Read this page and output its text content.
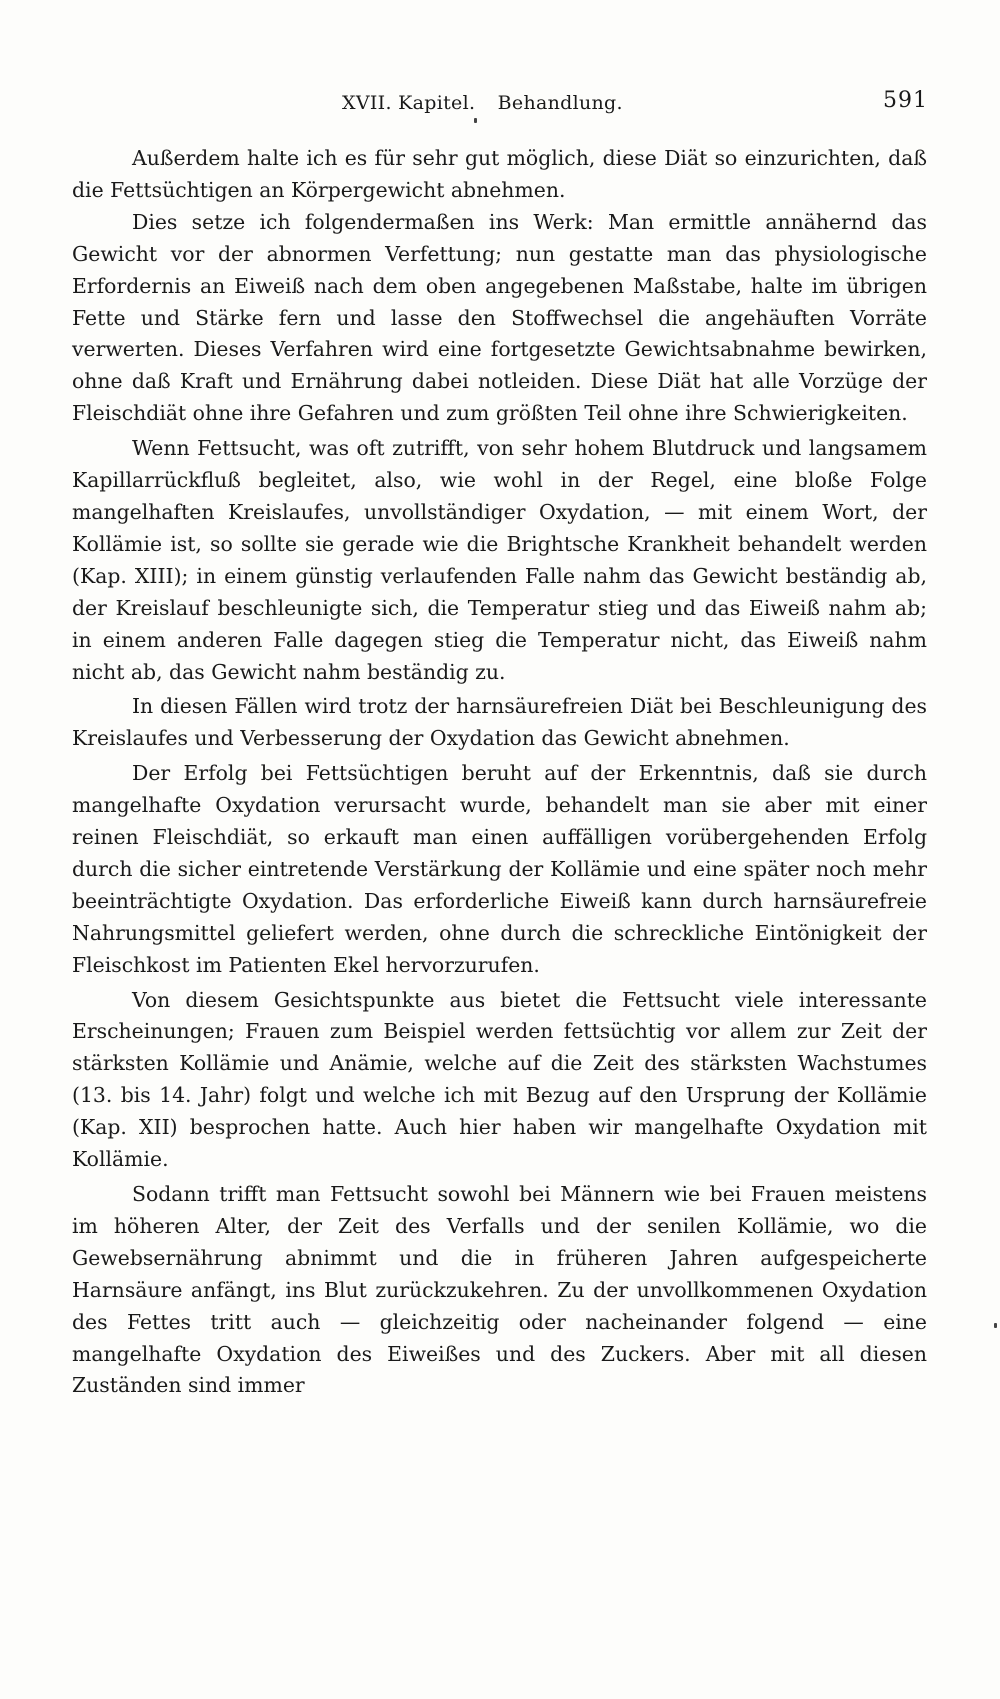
XVII. Kapitel. Behandlung.	591

Außerdem halte ich es für sehr gut möglich, diese Diät so einzurichten, daß die Fettsüchtigen an Körpergewicht abnehmen.

Dies setze ich folgendermaßen ins Werk: Man ermittle annähernd das Gewicht vor der abnormen Verfettung; nun gestatte man das physiologische Erfordernis an Eiweiß nach dem oben angegebenen Maßstabe, halte im übrigen Fette und Stärke fern und lasse den Stoffwechsel die angehäuften Vorräte verwerten. Dieses Verfahren wird eine fortgesetzte Gewichtsabnahme bewirken, ohne daß Kraft und Ernährung dabei notleiden. Diese Diät hat alle Vorzüge der Fleischdiät ohne ihre Gefahren und zum größten Teil ohne ihre Schwierigkeiten.

Wenn Fettsucht, was oft zutrifft, von sehr hohem Blutdruck und langsamem Kapillarrückfluß begleitet, also, wie wohl in der Regel, eine bloße Folge mangelhaften Kreislaufes, unvollständiger Oxydation, — mit einem Wort, der Kollämie ist, so sollte sie gerade wie die Brightsche Krankheit behandelt werden (Kap. XIII); in einem günstig verlaufenden Falle nahm das Gewicht beständig ab, der Kreislauf beschleunigte sich, die Temperatur stieg und das Eiweiß nahm ab; in einem anderen Falle dagegen stieg die Temperatur nicht, das Eiweiß nahm nicht ab, das Gewicht nahm beständig zu.

In diesen Fällen wird trotz der harnsäurefreien Diät bei Beschleunigung des Kreislaufes und Verbesserung der Oxydation das Gewicht abnehmen.

Der Erfolg bei Fettsüchtigen beruht auf der Erkenntnis, daß sie durch mangelhafte Oxydation verursacht wurde, behandelt man sie aber mit einer reinen Fleischdiät, so erkauft man einen auffälligen vorübergehenden Erfolg durch die sicher eintretende Verstärkung der Kollämie und eine später noch mehr beeinträchtigte Oxydation. Das erforderliche Eiweiß kann durch harnsäurefreie Nahrungsmittel geliefert werden, ohne durch die schreckliche Eintönigkeit der Fleischkost im Patienten Ekel hervorzurufen.

Von diesem Gesichtspunkte aus bietet die Fettsucht viele interessante Erscheinungen; Frauen zum Beispiel werden fettsüchtig vor allem zur Zeit der stärksten Kollämie und Anämie, welche auf die Zeit des stärksten Wachstumes (13. bis 14. Jahr) folgt und welche ich mit Bezug auf den Ursprung der Kollämie (Kap. XII) besprochen hatte. Auch hier haben wir mangelhafte Oxydation mit Kollämie.

Sodann trifft man Fettsucht sowohl bei Männern wie bei Frauen meistens im höheren Alter, der Zeit des Verfalls und der senilen Kollämie, wo die Gewebsernährung abnimmt und die in früheren Jahren aufgespeicherte Harnsäure anfängt, ins Blut zurückzukehren. Zu der unvollkommenen Oxydation des Fettes tritt auch — gleichzeitig oder nacheinander folgend — eine mangelhafte Oxydation des Eiweißes und des Zuckers. Aber mit all diesen Zuständen sind immer
